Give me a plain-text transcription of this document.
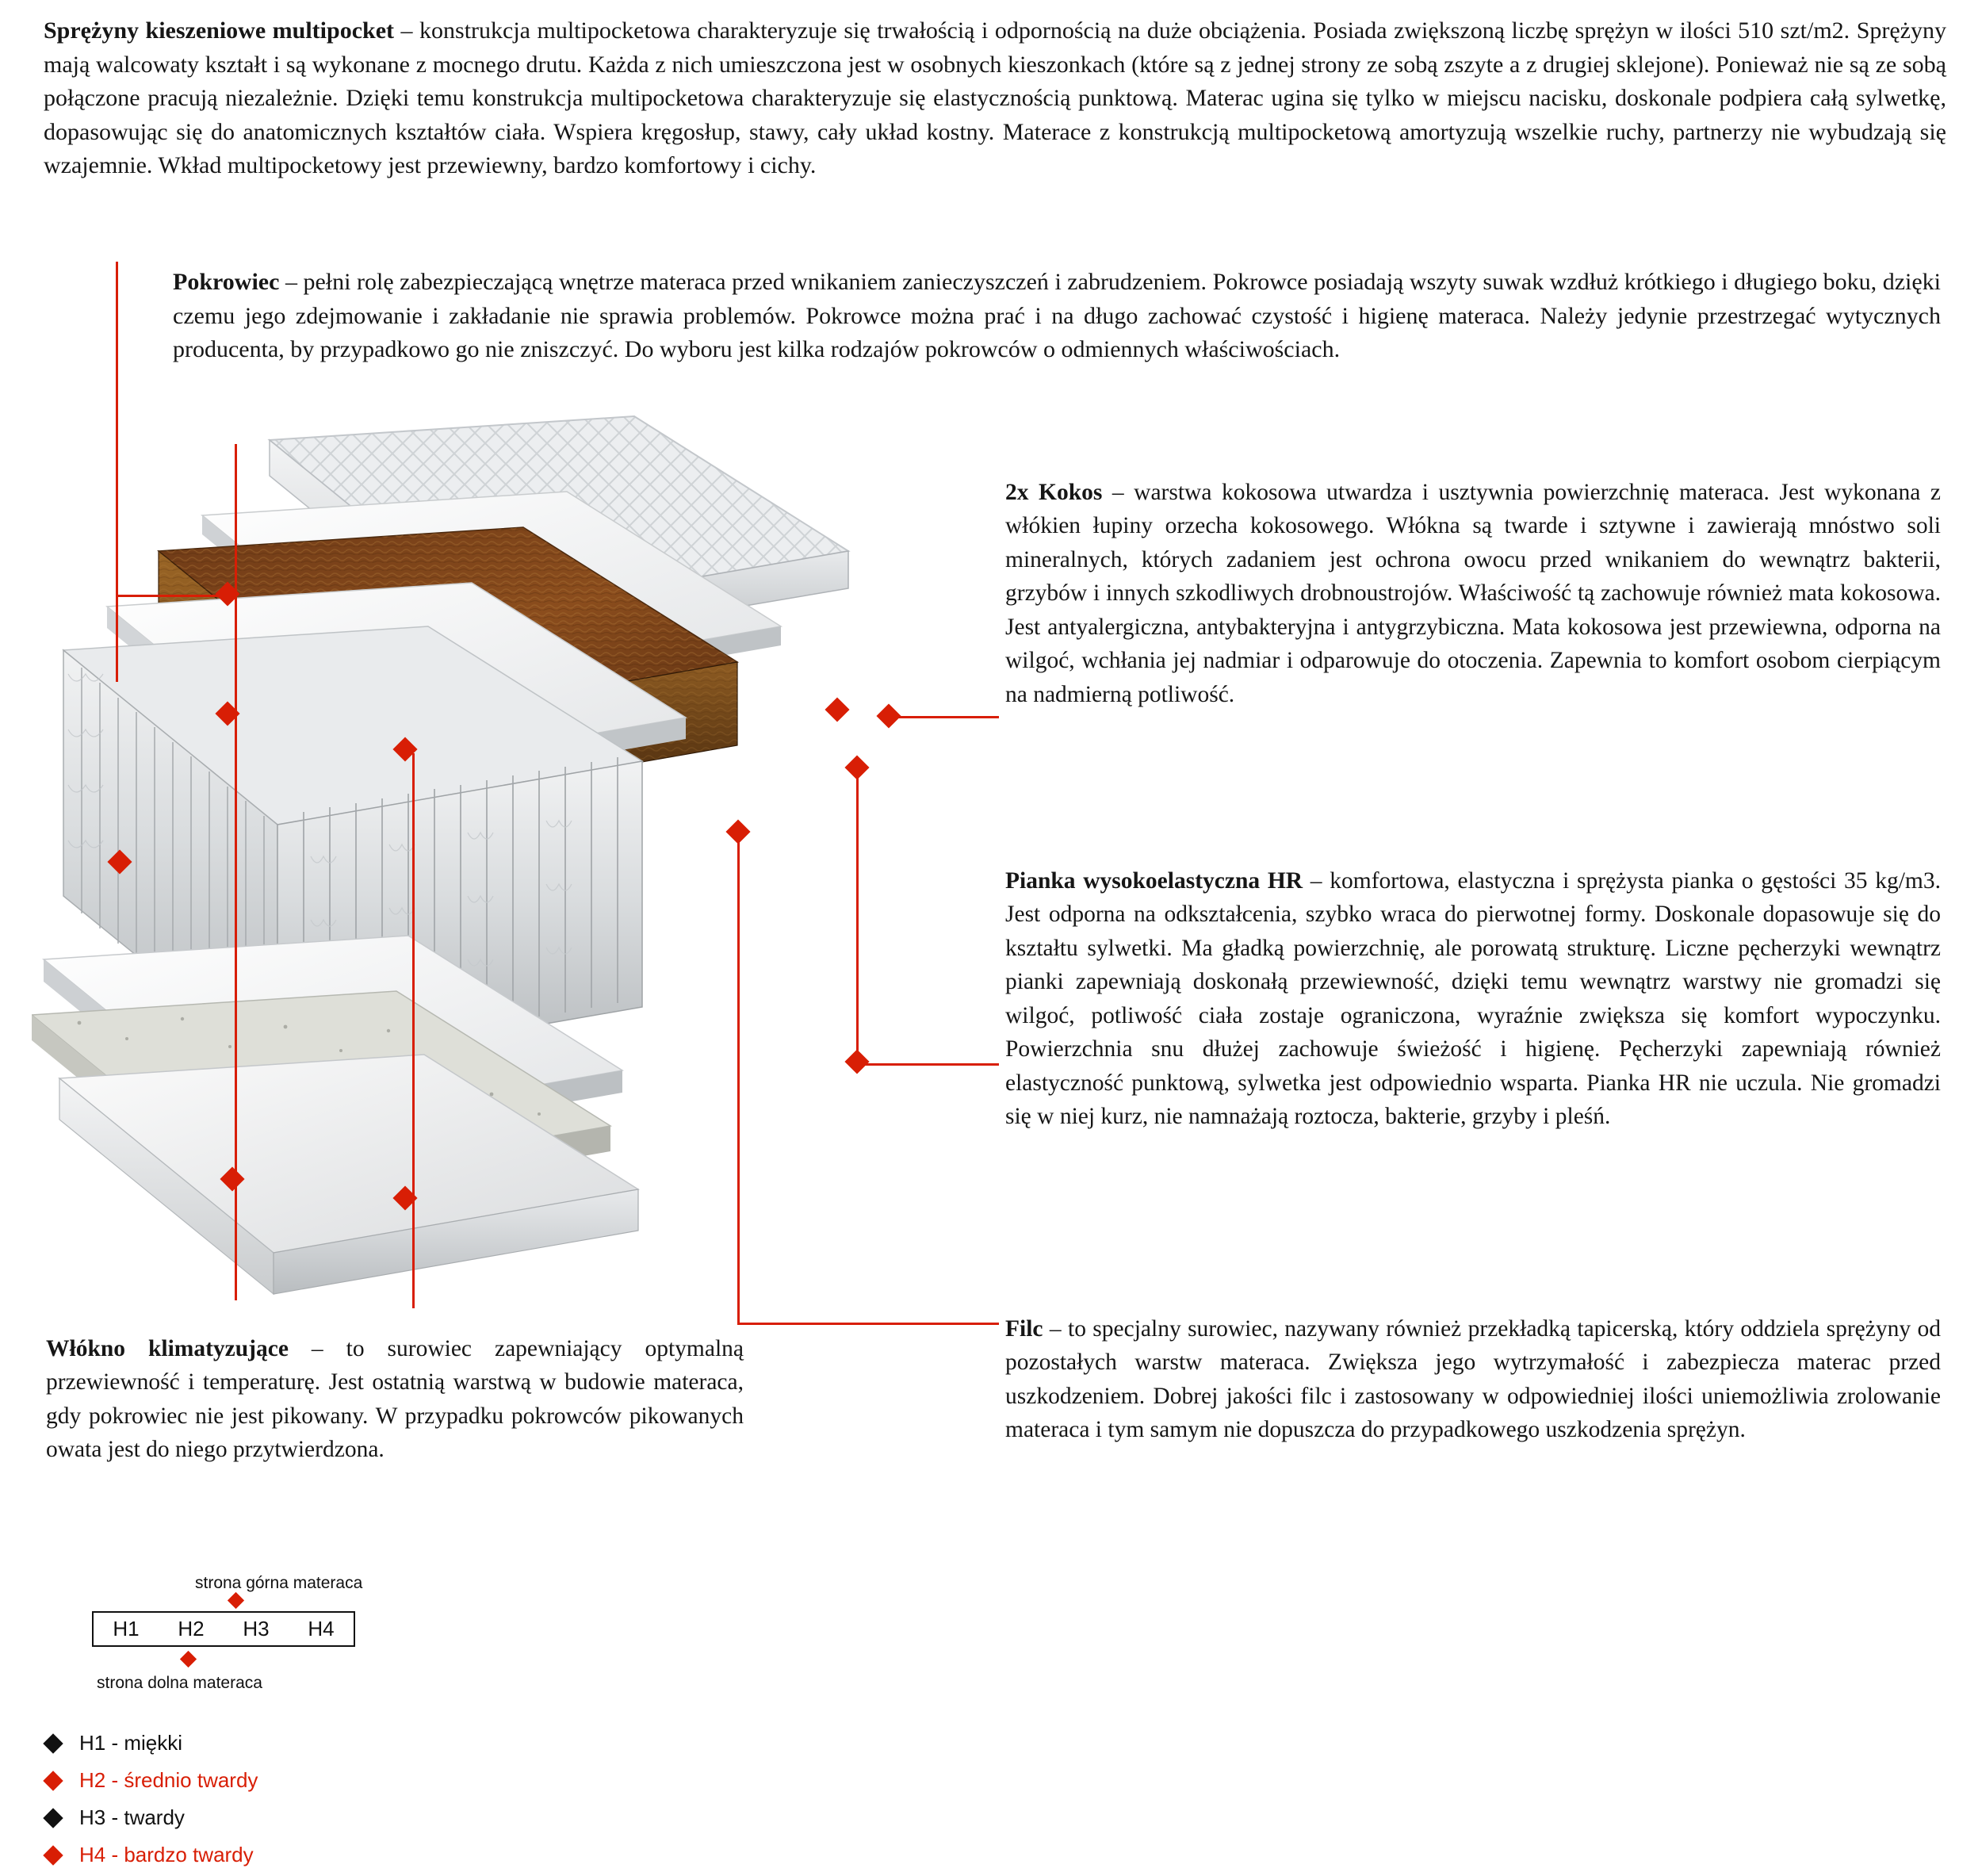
Sprężyny kieszeniowe multipocket – konstrukcja multipocketowa charakteryzuje się trwałością i odpornością na duże obciążenia. Posiada zwiększoną liczbę sprężyn w ilości 510 szt/m2. Sprężyny mają walcowaty kształt i są wykonane z mocnego drutu. Każda z nich umieszczona jest w osobnych kieszonkach (które są z jednej strony ze sobą zszyte a z drugiej sklejone). Ponieważ nie są ze sobą połączone pracują niezależnie. Dzięki temu konstrukcja multipocketowa charakteryzuje się elastycznością punktową. Materac ugina się tylko w miejscu nacisku, doskonale podpiera całą sylwetkę, dopasowując się do anatomicznych kształtów ciała. Wspiera kręgosłup, stawy, cały układ kostny. Materace z konstrukcją multipocketową amortyzują wszelkie ruchy, partnerzy nie wybudzają się wzajemnie. Wkład multipocketowy jest przewiewny, bardzo komfortowy i cichy.
Pokrowiec – pełni rolę zabezpieczającą wnętrze materaca przed wnikaniem zanieczyszczeń i zabrudzeniem. Pokrowce posiadają wszyty suwak wzdłuż krótkiego i długiego boku, dzięki czemu jego zdejmowanie i zakładanie nie sprawia problemów. Pokrowce można prać i na długo zachować czystość i higienę materaca. Należy jedynie przestrzegać wytycznych producenta, by przypadkowo go nie zniszczyć. Do wyboru jest kilka rodzajów pokrowców o odmiennych właściwościach.
2x Kokos – warstwa kokosowa utwardza i usztywnia powierzchnię materaca. Jest wykonana z włókien łupiny orzecha kokosowego. Włókna są twarde i sztywne i zawierają mnóstwo soli mineralnych, których zadaniem jest ochrona owocu przed wnikaniem do wewnątrz bakterii, grzybów i innych szkodliwych drobnoustrojów. Właściwość tą zachowuje również mata kokosowa. Jest antyalergiczna, antybakteryjna i antygrzybiczna. Mata kokosowa jest przewiewna, odporna na wilgoć, wchłania jej nadmiar i odparowuje do otoczenia. Zapewnia to komfort osobom cierpiącym na nadmierną potliwość.
Pianka wysokoelastyczna HR – komfortowa, elastyczna i sprężysta pianka o gęstości 35 kg/m3. Jest odporna na odkształcenia, szybko wraca do pierwotnej formy. Doskonale dopasowuje się do kształtu sylwetki. Ma gładką powierzchnię, ale porowatą strukturę. Liczne pęcherzyki wewnątrz pianki zapewniają doskonałą przewiewność, dzięki temu wewnątrz warstwy nie gromadzi się wilgoć, potliwość ciała zostaje ograniczona, wyraźnie zwiększa się komfort wypoczynku. Powierzchnia snu dłużej zachowuje świeżość i higienę. Pęcherzyki zapewniają również elastyczność punktową, sylwetka jest odpowiednio wsparta. Pianka HR nie uczula. Nie gromadzi się w niej kurz, nie namnażają roztocza, bakterie, grzyby i pleśń.
Filc – to specjalny surowiec, nazywany również przekładką tapicerską, który oddziela sprężyny od pozostałych warstw materaca. Zwiększa jego wytrzymałość i zabezpiecza materac przed uszkodzeniem. Dobrej jakości filc i zastosowany w odpowiedniej ilości uniemożliwia zrolowanie materaca i tym samym nie dopuszcza do przypadkowego uszkodzenia sprężyn.
Włókno klimatyzujące – to surowiec zapewniający optymalną przewiewność i temperaturę. Jest ostatnią warstwą w budowie materaca, gdy pokrowiec nie jest pikowany. W przypadku pokrowców pikowanych owata jest do niego przytwierdzona.
strona górna materaca
H1	H2	H3	H4
strona dolna materaca
H1 - miękki
H2 - średnio twardy
H3 - twardy
H4 - bardzo twardy
